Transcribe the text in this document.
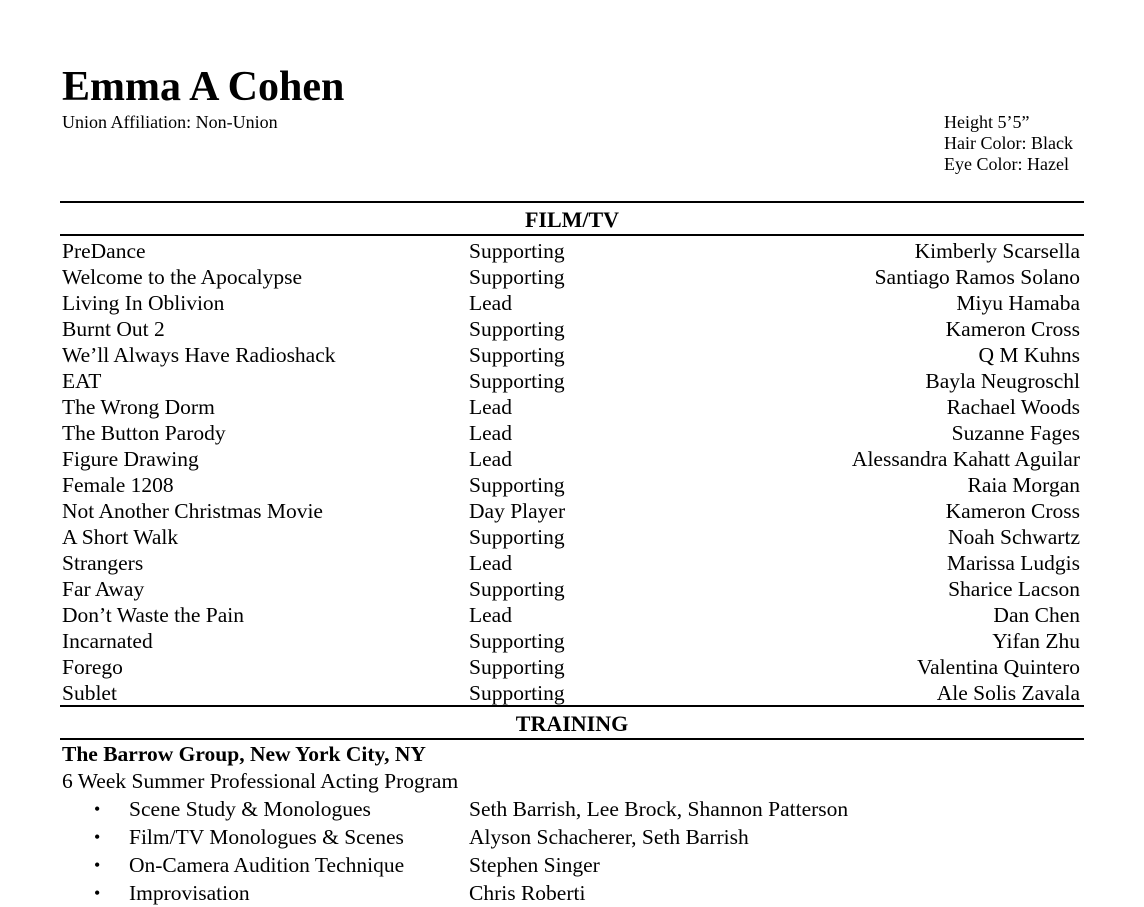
Emma A Cohen
Union Affiliation: Non-Union	Height 5’5”
Hair Color: Black
Eye Color: Hazel
FILM/TV
PreDance	Supporting	Kimberly Scarsella
Welcome to the Apocalypse	Supporting	Santiago Ramos Solano
Living In Oblivion	Lead	Miyu Hamaba
Burnt Out 2	Supporting	Kameron Cross
We’ll Always Have Radioshack	Supporting	Q M Kuhns
EAT	Supporting	Bayla Neugroschl
The Wrong Dorm	Lead	Rachael Woods
The Button Parody	Lead	Suzanne Fages
Figure Drawing	Lead	Alessandra Kahatt Aguilar
Female 1208	Supporting	Raia Morgan
Not Another Christmas Movie	Day Player	Kameron Cross
A Short Walk	Supporting	Noah Schwartz
Strangers	Lead	Marissa Ludgis
Far Away	Supporting	Sharice Lacson
Don’t Waste the Pain	Lead	Dan Chen
Incarnated	Supporting	Yifan Zhu
Forego	Supporting	Valentina Quintero
Sublet	Supporting	Ale Solis Zavala
TRAINING
The Barrow Group, New York City, NY
6 Week Summer Professional Acting Program
• Scene Study & Monologues	Seth Barrish, Lee Brock, Shannon Patterson
• Film/TV Monologues & Scenes	Alyson Schacherer, Seth Barrish
• On-Camera Audition Technique	Stephen Singer
• Improvisation	Chris Roberti
